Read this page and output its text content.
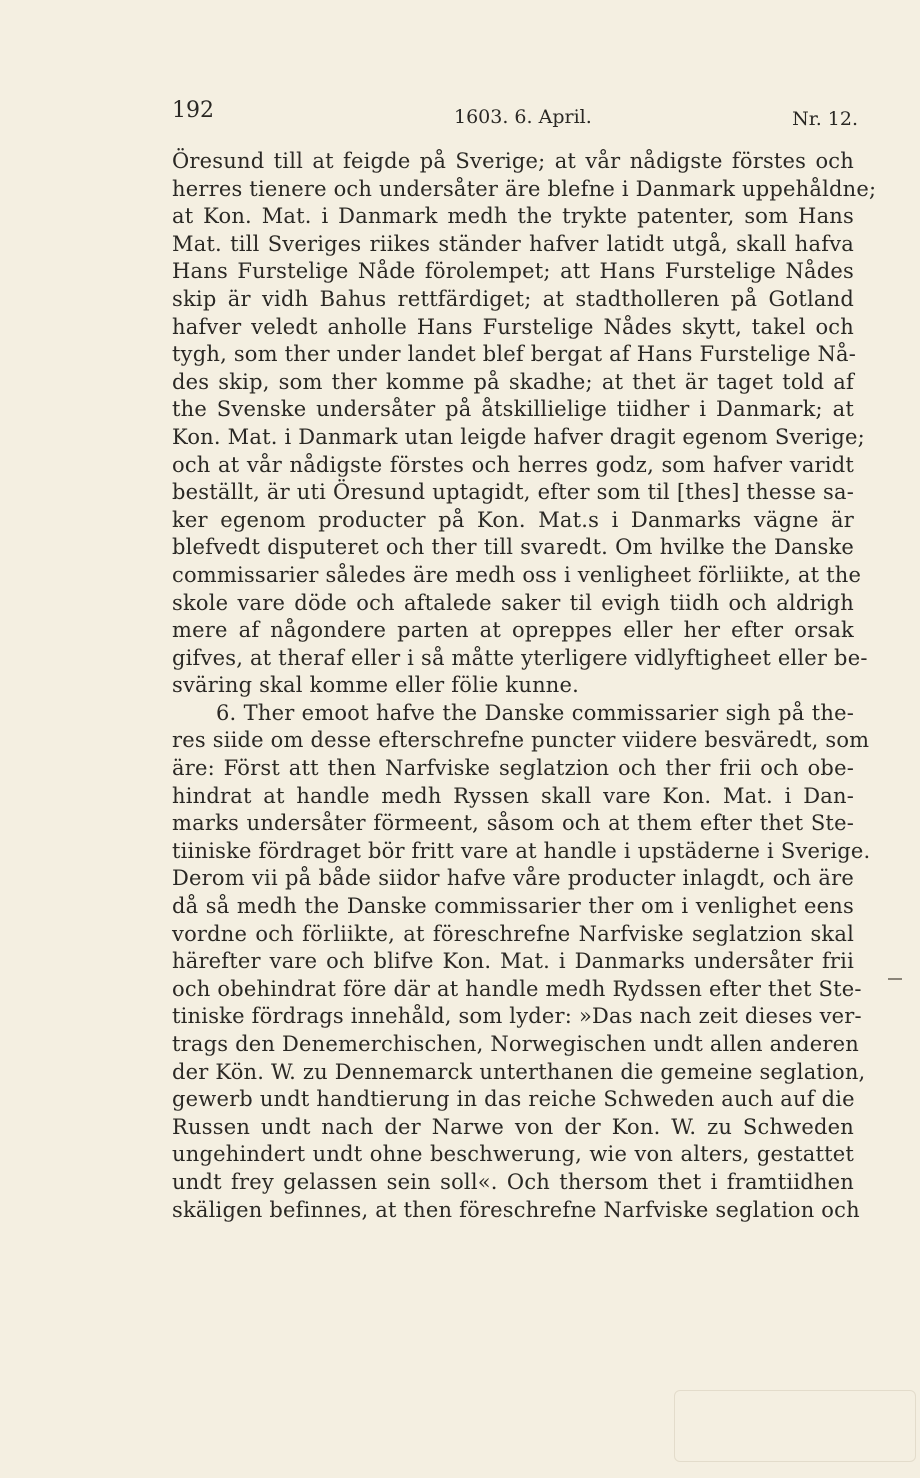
192	1603. 6. April.	Nr. 12.
Öresund till at feigde på Sverige; at vår nådigste förstes och
herres tienere och undersåter äre blefne i Danmark uppehåldne;
at Kon. Mat. i Danmark medh the trykte patenter, som Hans
Mat. till Sveriges riikes ständer hafver latidt utgå, skall hafva
Hans Furstelige Nåde förolempet; att Hans Furstelige Nådes
skip är vidh Bahus rettfärdiget; at stadthollеren på Gotland
hafver veledt anholle Hans Furstelige Nådes skytt, takel och
tygh, som ther under landet blef bergat af Hans Furstelige Nå-
des skip, som ther komme på skadhe; at thet är taget told af
the Svenske undersåter på åtskillielige tiidher i Danmark; at
Kon. Mat. i Danmark utan leigde hafver dragit egenom Sverige;
och at vår nådigste förstes och herres godz, som hafver varidt
beställt, är uti Öresund uptagidt, efter som til [thes] thesse sa-
ker egenom producter på Kon. Mat.s i Danmarks vägne är
blefvedt disputeret och ther till svaredt. Om hvilke the Danske
commissarier således äre medh oss i venligheet förliikte, at the
skole vare döde och aftalede saker til evigh tiidh och aldrigh
mere af någondere parten at opreppes eller her efter orsak
gifves, at theraf eller i så måtte yterligere vidlyftigheet eller be-
sväring skal komme eller fölie kunne.
6. Ther emoot hafve the Danske commissarier sigh på the-
res siide om desse efterschrefne puncter viidere besväredt, som
äre: Först att then Narfviske seglatzion och ther frii och obe-
hindrat at handle medh Ryssen skall vare Kon. Mat. i Dan-
marks undersåter förmeent, såsom och at them efter thet Ste-
tiiniske fördraget bör fritt vare at handle i upstäderne i Sverige.
Derom vii på både siidor hafve våre producter inlagdt, och äre
då så medh the Danske commissarier ther om i venlighet eens
vordne och förliikte, at föreschrefne Narfviske seglatzion skal
härefter vare och blifve Kon. Mat. i Danmarks undersåter frii
och obehindrat före där at handle medh Rydssen efter thet Ste-
tiniske fördrags innehåld, som lyder: »Das nach zeit dieses ver-
trags den Denemerchischen, Norwegischen undt allen anderen
der Kön. W. zu Dennemarck unterthanen die gemeine seglation,
gewerb undt handtierung in das reiche Schweden auch auf die
Russen undt nach der Narwe von der Kon. W. zu Schweden
ungehindert undt ohne beschwerung, wie von alters, gestattet
undt frey gelassen sein soll«. Och thersom thet i framtiidhen
skäligen befinnes, at then föreschrefne Narfviske seglation och
